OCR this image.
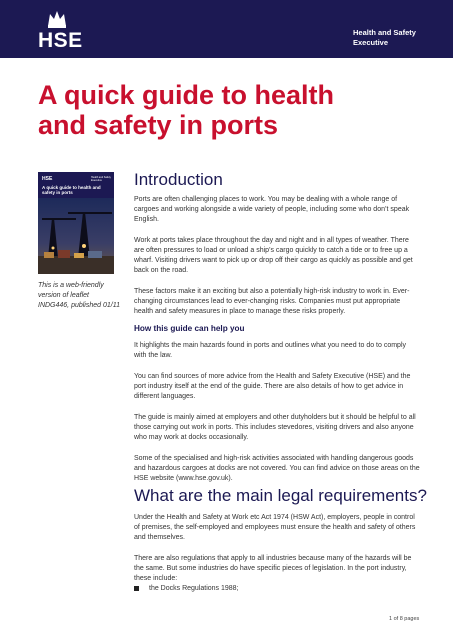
HSE	Health and Safety
Executive
A quick guide to health and safety in ports
HSE	Health and Safety Executive
A quick guide to health and safety in ports
This is a web-friendly version of leaflet INDG446, published 01/11
Introduction

Ports are often challenging places to work. You may be dealing with a whole range of cargoes and working alongside a wide variety of people, including some who don’t speak English.

Work at ports takes place throughout the day and night and in all types of weather. There are often pressures to load or unload a ship’s cargo quickly to catch a tide or to free up a wharf. Visiting drivers want to pick up or drop off their cargo as quickly as possible and get back on the road.

These factors make it an exciting but also a potentially high-risk industry to work in. Ever-changing circumstances lead to ever-changing risks. Companies must put appropriate health and safety measures in place to manage these risks properly.

How this guide can help you

It highlights the main hazards found in ports and outlines what you need to do to comply with the law.

You can find sources of more advice from the Health and Safety Executive (HSE) and the port industry itself at the end of the guide. There are also details of how to get advice in different languages.

The guide is mainly aimed at employers and other dutyholders but it should be helpful to all those carrying out work in ports. This includes stevedores, visiting drivers and also anyone who may work at docks occasionally.

Some of the specialised and high-risk activities associated with handling dangerous goods and hazardous cargoes at docks are not covered. You can find advice on those areas on the HSE website (www.hse.gov.uk).

What are the main legal requirements?

Under the Health and Safety at Work etc Act 1974 (HSW Act), employers, people in control of premises, the self-employed and employees must ensure the health and safety of others and themselves.

There are also regulations that apply to all industries because many of the hazards will be the same. But some industries do have specific pieces of legislation. In the port industry, these include:

the Docks Regulations 1988;
1 of 8 pages
